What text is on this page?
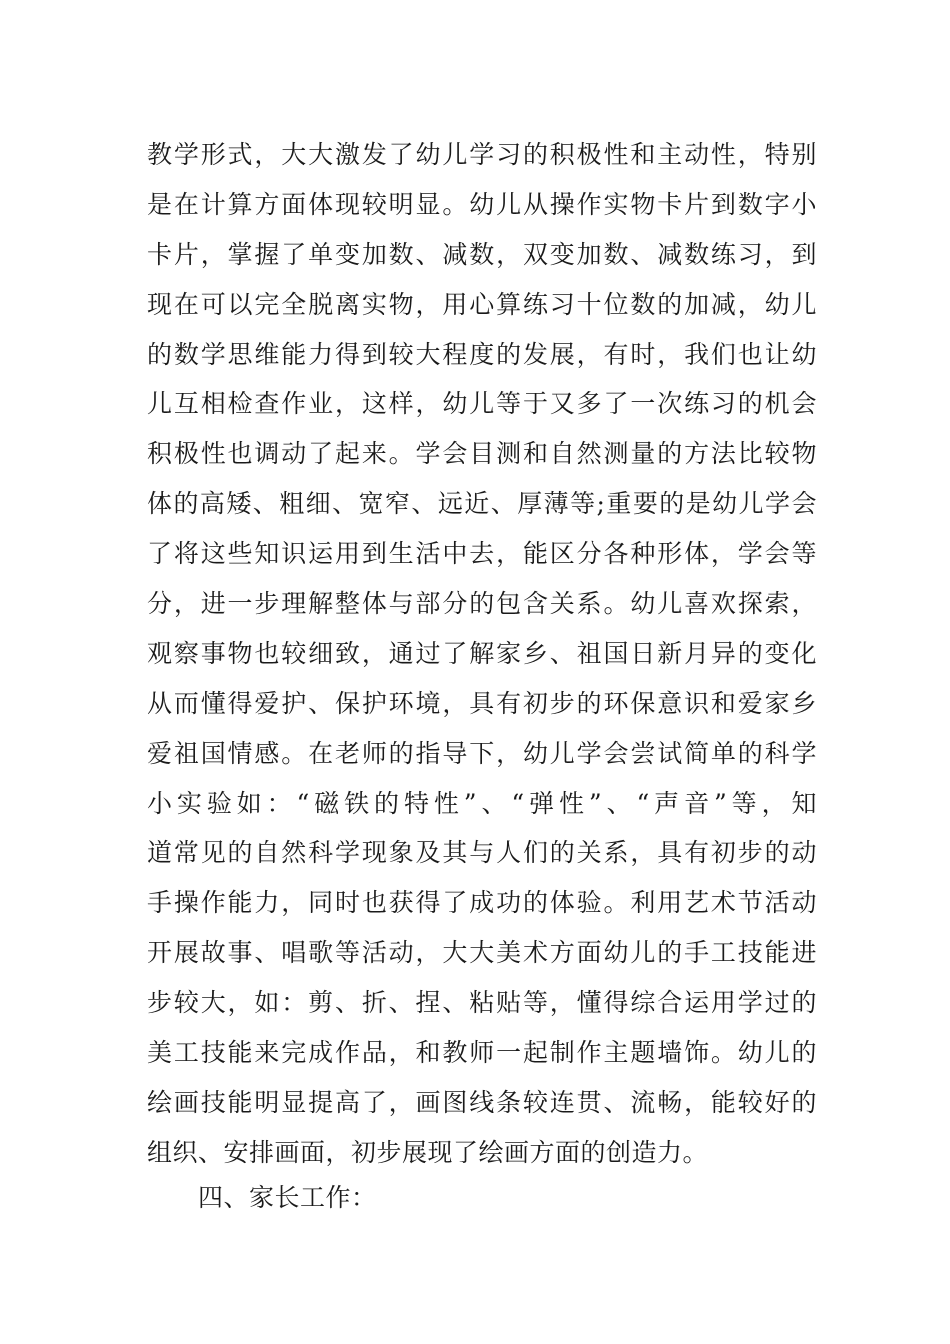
教学形式，大大激发了幼儿学习的积极性和主动性，特别
是在计算方面体现较明显。幼儿从操作实物卡片到数字小
卡片，掌握了单变加数、减数，双变加数、减数练习，到
现在可以完全脱离实物，用心算练习十位数的加减，幼儿
的数学思维能力得到较大程度的发展，有时，我们也让幼
儿互相检查作业，这样，幼儿等于又多了一次练习的机会
积极性也调动了起来。学会目测和自然测量的方法比较物
体的高矮、粗细、宽窄、远近、厚薄等;重要的是幼儿学会
了将这些知识运用到生活中去，能区分各种形体，学会等
分，进一步理解整体与部分的包含关系。幼儿喜欢探索，
观察事物也较细致，通过了解家乡、祖国日新月异的变化
从而懂得爱护、保护环境，具有初步的环保意识和爱家乡
爱祖国情感。在老师的指导下，幼儿学会尝试简单的科学
小实验如：“磁铁的特性”、“弹性”、“声音”等，知
道常见的自然科学现象及其与人们的关系，具有初步的动
手操作能力，同时也获得了成功的体验。利用艺术节活动
开展故事、唱歌等活动，大大美术方面幼儿的手工技能进
步较大，如：剪、折、捏、粘贴等，懂得综合运用学过的
美工技能来完成作品，和教师一起制作主题墙饰。幼儿的
绘画技能明显提高了，画图线条较连贯、流畅，能较好的
组织、安排画面，初步展现了绘画方面的创造力。
四、家长工作：
